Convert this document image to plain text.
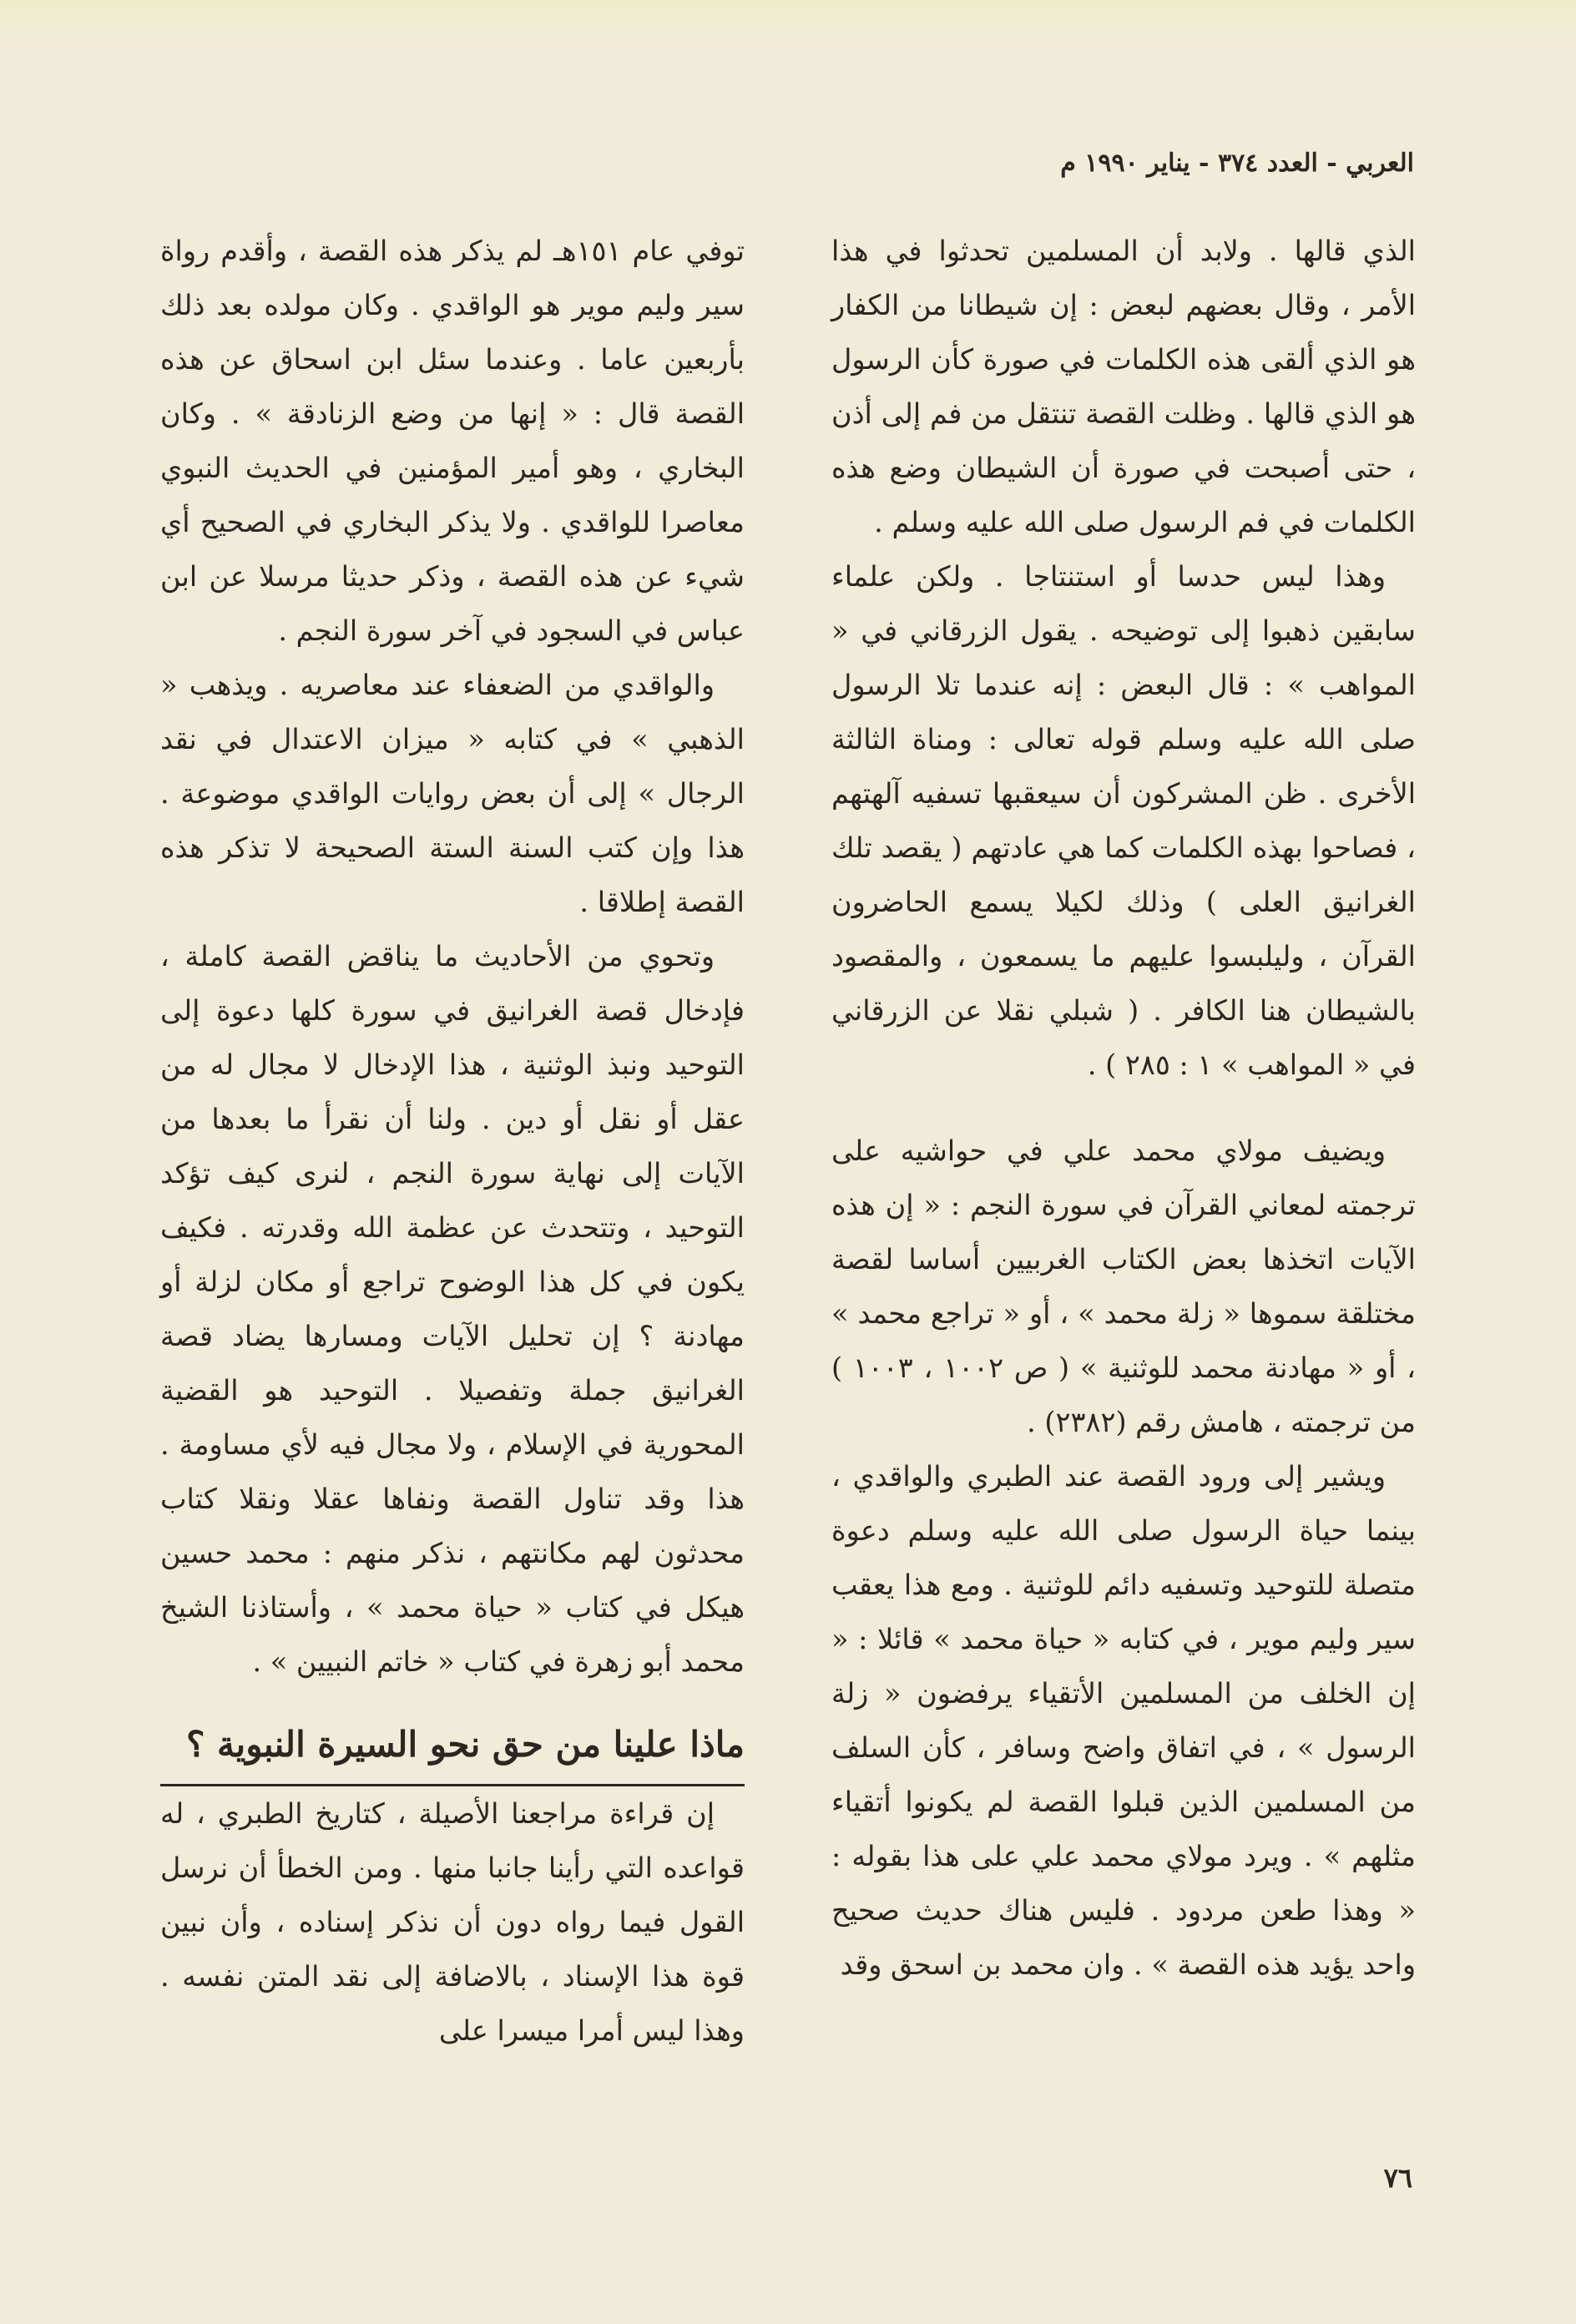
العربي - العدد ٣٧٤ - يناير ١٩٩٠ م

الذي قالها . ولابد أن المسلمين تحدثوا في هذا الأمر ، وقال بعضهم لبعض : إن شيطانا من الكفار هو الذي ألقى هذه الكلمات في صورة كأن الرسول هو الذي قالها . وظلت القصة تنتقل من فم إلى أذن ، حتى أصبحت في صورة أن الشيطان وضع هذه الكلمات في فم الرسول صلى الله عليه وسلم .

وهذا ليس حدسا أو استنتاجا . ولكن علماء سابقين ذهبوا إلى توضيحه . يقول الزرقاني في « المواهب » : قال البعض : إنه عندما تلا الرسول صلى الله عليه وسلم قوله تعالى : ومناة الثالثة الأخرى . ظن المشركون أن سيعقبها تسفيه آلهتهم ، فصاحوا بهذه الكلمات كما هي عادتهم ( يقصد تلك الغرانيق العلى ) وذلك لكيلا يسمع الحاضرون القرآن ، وليلبسوا عليهم ما يسمعون ، والمقصود بالشيطان هنا الكافر . ( شبلي نقلا عن الزرقاني في « المواهب » ١ : ٢٨٥ ) .

ويضيف مولاي محمد علي في حواشيه على ترجمته لمعاني القرآن في سورة النجم : « إن هذه الآيات اتخذها بعض الكتاب الغربيين أساسا لقصة مختلقة سموها « زلة محمد » ، أو « تراجع محمد » ، أو « مهادنة محمد للوثنية » ( ص ١٠٠٢ ، ١٠٠٣ ) من ترجمته ، هامش رقم (٢٣٨٢) .

ويشير إلى ورود القصة عند الطبري والواقدي ، بينما حياة الرسول صلى الله عليه وسلم دعوة متصلة للتوحيد وتسفيه دائم للوثنية . ومع هذا يعقب سير وليم موير ، في كتابه « حياة محمد » قائلا : « إن الخلف من المسلمين الأتقياء يرفضون « زلة الرسول » ، في اتفاق واضح وسافر ، كأن السلف من المسلمين الذين قبلوا القصة لم يكونوا أتقياء مثلهم » . ويرد مولاي محمد علي على هذا بقوله : « وهذا طعن مردود . فليس هناك حديث صحيح واحد يؤيد هذه القصة » . وان محمد بن اسحق وقد

توفي عام ١٥١هـ لم يذكر هذه القصة ، وأقدم رواة سير وليم موير هو الواقدي . وكان مولده بعد ذلك بأربعين عاما . وعندما سئل ابن اسحاق عن هذه القصة قال : « إنها من وضع الزنادقة » . وكان البخاري ، وهو أمير المؤمنين في الحديث النبوي معاصرا للواقدي . ولا يذكر البخاري في الصحيح أي شيء عن هذه القصة ، وذكر حديثا مرسلا عن ابن عباس في السجود في آخر سورة النجم .

والواقدي من الضعفاء عند معاصريه . ويذهب « الذهبي » في كتابه « ميزان الاعتدال في نقد الرجال » إلى أن بعض روايات الواقدي موضوعة . هذا وإن كتب السنة الستة الصحيحة لا تذكر هذه القصة إطلاقا .

وتحوي من الأحاديث ما يناقض القصة كاملة ، فإدخال قصة الغرانيق في سورة كلها دعوة إلى التوحيد ونبذ الوثنية ، هذا الإدخال لا مجال له من عقل أو نقل أو دين . ولنا أن نقرأ ما بعدها من الآيات إلى نهاية سورة النجم ، لنرى كيف تؤكد التوحيد ، وتتحدث عن عظمة الله وقدرته . فكيف يكون في كل هذا الوضوح تراجع أو مكان لزلة أو مهادنة ؟ إن تحليل الآيات ومسارها يضاد قصة الغرانيق جملة وتفصيلا . التوحيد هو القضية المحورية في الإسلام ، ولا مجال فيه لأي مساومة . هذا وقد تناول القصة ونفاها عقلا ونقلا كتاب محدثون لهم مكانتهم ، نذكر منهم : محمد حسين هيكل في كتاب « حياة محمد » ، وأستاذنا الشيخ محمد أبو زهرة في كتاب « خاتم النبيين » .

ماذا علينا من حق نحو السيرة النبوية ؟

إن قراءة مراجعنا الأصيلة ، كتاريخ الطبري ، له قواعده التي رأينا جانبا منها . ومن الخطأ أن نرسل القول فيما رواه دون أن نذكر إسناده ، وأن نبين قوة هذا الإسناد ، بالاضافة إلى نقد المتن نفسه . وهذا ليس أمرا ميسرا على

٧٦
